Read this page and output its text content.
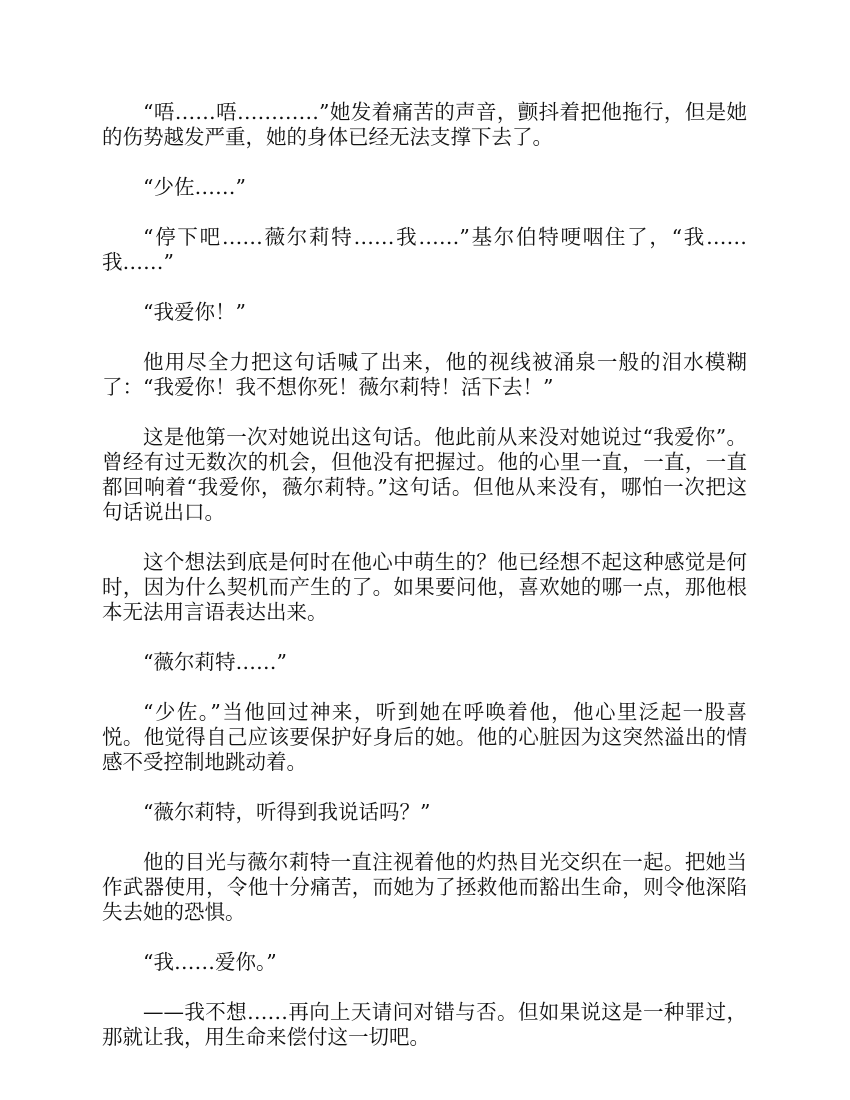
“唔……唔…………”她发着痛苦的声音，颤抖着把他拖行，但是她的伤势越发严重，她的身体已经无法支撑下去了。

“少佐……”

“停下吧……薇尔莉特……我……”基尔伯特哽咽住了，“我……我……”

“我爱你！”

他用尽全力把这句话喊了出来，他的视线被涌泉一般的泪水模糊了：“我爱你！我不想你死！薇尔莉特！活下去！”

这是他第一次对她说出这句话。他此前从来没对她说过“我爱你”。曾经有过无数次的机会，但他没有把握过。他的心里一直，一直，一直都回响着“我爱你，薇尔莉特。”这句话。但他从来没有，哪怕一次把这句话说出口。

这个想法到底是何时在他心中萌生的？他已经想不起这种感觉是何时，因为什么契机而产生的了。如果要问他，喜欢她的哪一点，那他根本无法用言语表达出来。

“薇尔莉特……”

“少佐。”当他回过神来，听到她在呼唤着他，他心里泛起一股喜悦。他觉得自己应该要保护好身后的她。他的心脏因为这突然溢出的情感不受控制地跳动着。

“薇尔莉特，听得到我说话吗？”

他的目光与薇尔莉特一直注视着他的灼热目光交织在一起。把她当作武器使用，令他十分痛苦，而她为了拯救他而豁出生命，则令他深陷失去她的恐惧。

“我……爱你。”

——我不想……再向上天请问对错与否。但如果说这是一种罪过，那就让我，用生命来偿付这一切吧。
